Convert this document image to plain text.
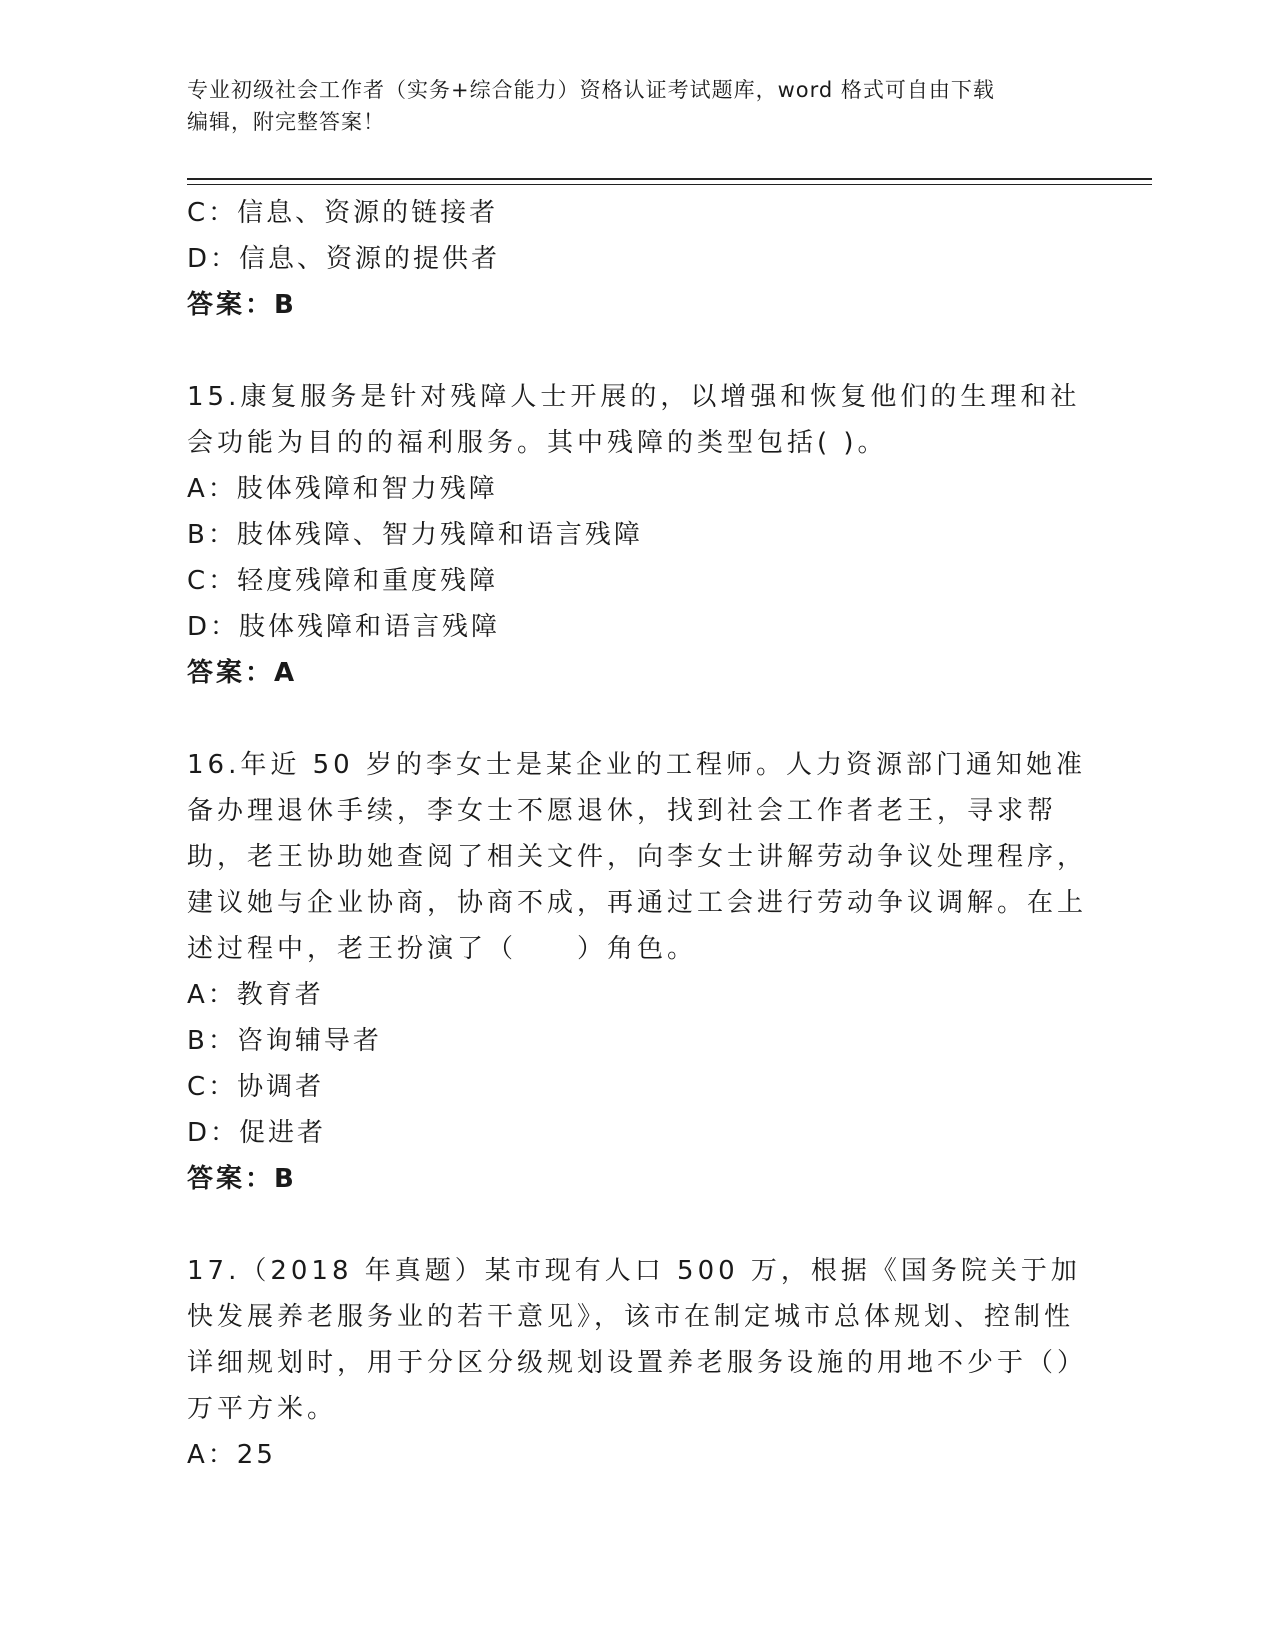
专业初级社会工作者（实务+综合能力）资格认证考试题库，word 格式可自由下载
编辑，附完整答案！
C：信息、资源的链接者
D：信息、资源的提供者
答案：B
15.康复服务是针对残障人士开展的，以增强和恢复他们的生理和社会功能为目的的福利服务。其中残障的类型包括( )。
A：肢体残障和智力残障
B：肢体残障、智力残障和语言残障
C：轻度残障和重度残障
D：肢体残障和语言残障
答案：A
16.年近 50 岁的李女士是某企业的工程师。人力资源部门通知她准备办理退休手续，李女士不愿退休，找到社会工作者老王，寻求帮助，老王协助她查阅了相关文件，向李女士讲解劳动争议处理程序，建议她与企业协商，协商不成，再通过工会进行劳动争议调解。在上述过程中，老王扮演了（　　）角色。
A：教育者
B：咨询辅导者
C：协调者
D：促进者
答案：B
17.（2018 年真题）某市现有人口 500 万，根据《国务院关于加快发展养老服务业的若干意见》，该市在制定城市总体规划、控制性详细规划时，用于分区分级规划设置养老服务设施的用地不少于（）万平方米。
A：25
